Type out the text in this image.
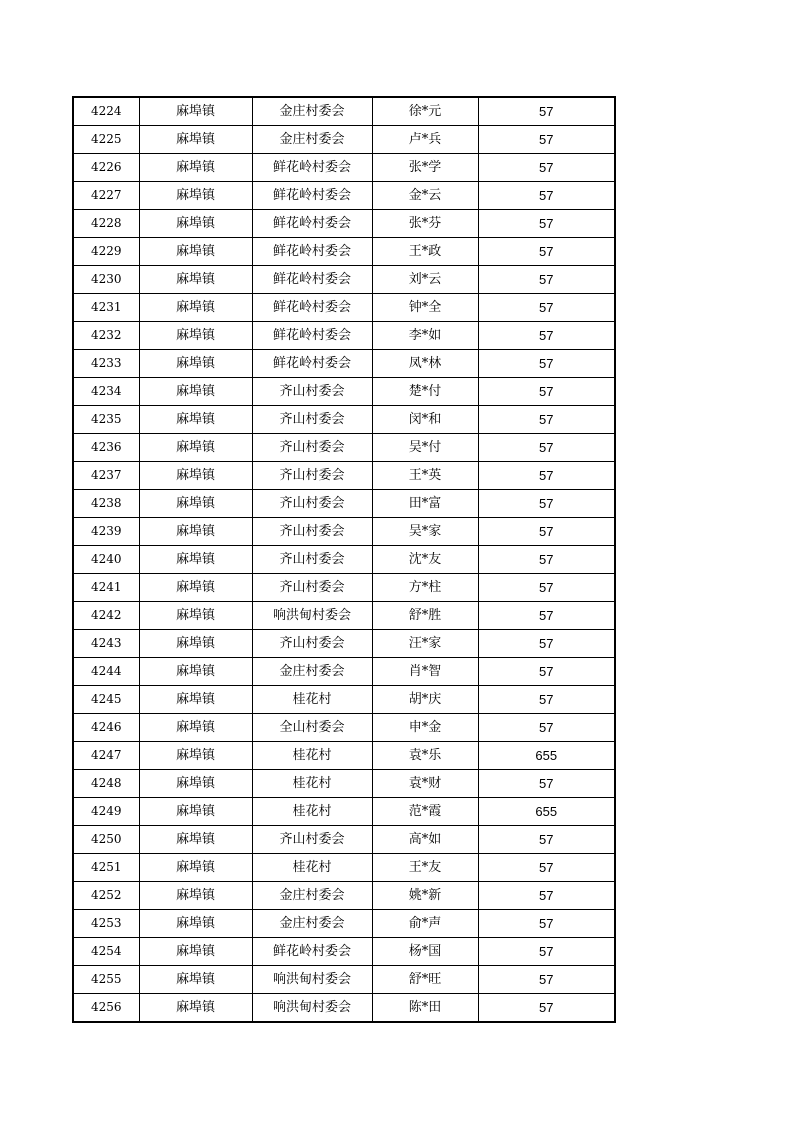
4224	麻埠镇	金庄村委会	徐*元	57
4225	麻埠镇	金庄村委会	卢*兵	57
4226	麻埠镇	鲜花岭村委会	张*学	57
4227	麻埠镇	鲜花岭村委会	金*云	57
4228	麻埠镇	鲜花岭村委会	张*芬	57
4229	麻埠镇	鲜花岭村委会	王*政	57
4230	麻埠镇	鲜花岭村委会	刘*云	57
4231	麻埠镇	鲜花岭村委会	钟*全	57
4232	麻埠镇	鲜花岭村委会	李*如	57
4233	麻埠镇	鲜花岭村委会	凤*林	57
4234	麻埠镇	齐山村委会	楚*付	57
4235	麻埠镇	齐山村委会	闵*和	57
4236	麻埠镇	齐山村委会	吴*付	57
4237	麻埠镇	齐山村委会	王*英	57
4238	麻埠镇	齐山村委会	田*富	57
4239	麻埠镇	齐山村委会	吴*家	57
4240	麻埠镇	齐山村委会	沈*友	57
4241	麻埠镇	齐山村委会	方*柱	57
4242	麻埠镇	响洪甸村委会	舒*胜	57
4243	麻埠镇	齐山村委会	汪*家	57
4244	麻埠镇	金庄村委会	肖*智	57
4245	麻埠镇	桂花村	胡*庆	57
4246	麻埠镇	全山村委会	申*金	57
4247	麻埠镇	桂花村	袁*乐	655
4248	麻埠镇	桂花村	袁*财	57
4249	麻埠镇	桂花村	范*霞	655
4250	麻埠镇	齐山村委会	高*如	57
4251	麻埠镇	桂花村	王*友	57
4252	麻埠镇	金庄村委会	姚*新	57
4253	麻埠镇	金庄村委会	俞*声	57
4254	麻埠镇	鲜花岭村委会	杨*国	57
4255	麻埠镇	响洪甸村委会	舒*旺	57
4256	麻埠镇	响洪甸村委会	陈*田	57
